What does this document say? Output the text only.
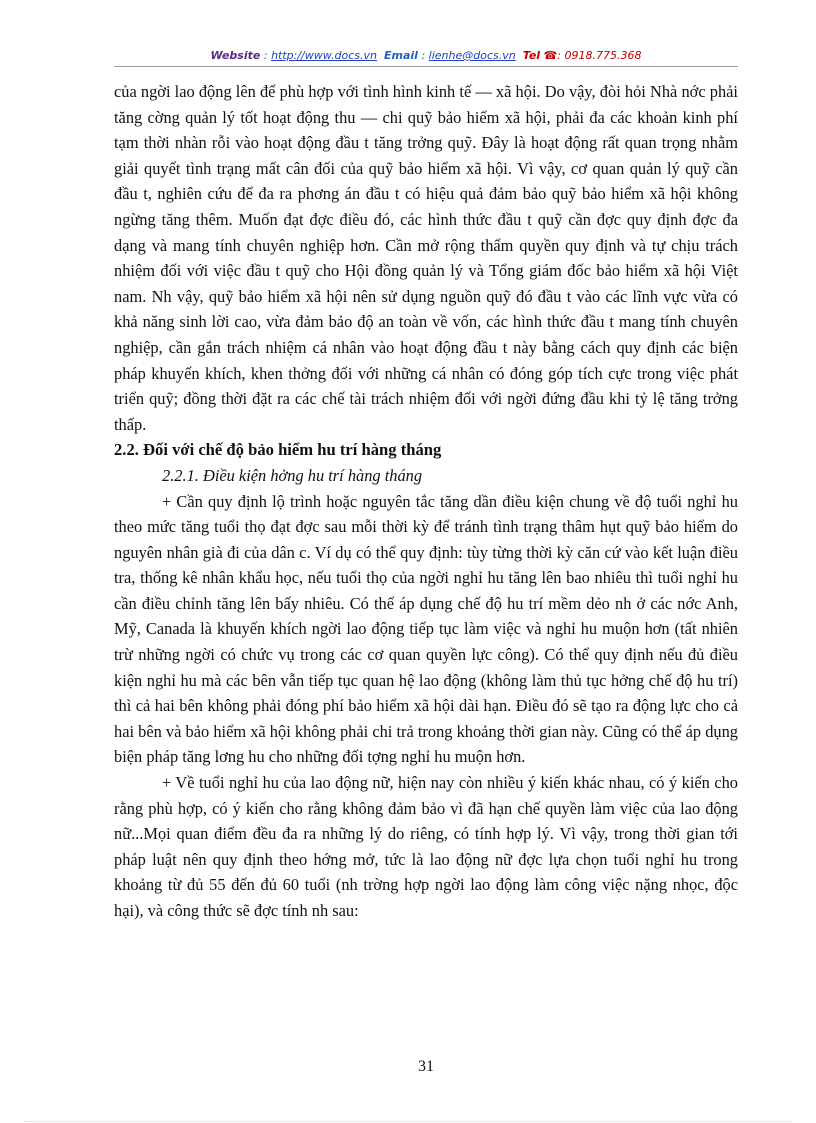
Website : http://www.docs.vn Email : lienhe@docs.vn Tel ☎: 0918.775.368

của ngời lao động lên để phù hợp với tình hình kinh tế — xã hội. Do vậy, đòi hỏi Nhà nớc phải tăng cờng quản lý tốt hoạt động thu — chi quỹ bảo hiểm xã hội, phải đa các khoản kinh phí tạm thời nhàn rỗi vào hoạt động đầu t tăng trởng quỹ. Đây là hoạt động rất quan trọng nhằm giải quyết tình trạng mất cân đối của quỹ bảo hiểm xã hội. Vì vậy, cơ quan quản lý quỹ cần đầu t, nghiên cứu để đa ra phơng án đầu t có hiệu quả đảm bảo quỹ bảo hiểm xã hội không ngừng tăng thêm. Muốn đạt đợc điều đó, các hình thức đầu t quỹ cần đợc quy định đợc đa dạng và mang tính chuyên nghiệp hơn. Cần mở rộng thẩm quyền quy định và tự chịu trách nhiệm đối với việc đầu t quỹ cho Hội đồng quản lý và Tổng giám đốc bảo hiểm xã hội Việt nam. Nh vậy, quỹ bảo hiểm xã hội nên sử dụng nguồn quỹ đó đầu t vào các lĩnh vực vừa có khả năng sinh lời cao, vừa đảm bảo độ an toàn về vốn, các hình thức đầu t mang tính chuyên nghiệp, cần gắn trách nhiệm cá nhân vào hoạt động đầu t này bằng cách quy định các biện pháp khuyến khích, khen thởng đối với những cá nhân có đóng góp tích cực trong việc phát triển quỹ; đồng thời đặt ra các chế tài trách nhiệm đối với ngời đứng đầu khi tỷ lệ tăng trởng thấp.

2.2. Đối với chế độ bảo hiểm hu trí hàng tháng

2.2.1. Điều kiện hởng hu trí hàng tháng

+ Cần quy định lộ trình hoặc nguyên tắc tăng dần điều kiện chung về độ tuổi nghỉ hu theo mức tăng tuổi thọ đạt đợc sau mỗi thời kỳ để tránh tình trạng thâm hụt quỹ bảo hiểm do nguyên nhân già đi của dân c. Ví dụ có thể quy định: tùy từng thời kỳ căn cứ vào kết luận điều tra, thống kê nhân khẩu học, nếu tuổi thọ của ngời nghỉ hu tăng lên bao nhiêu thì tuổi nghỉ hu cần điều chỉnh tăng lên bấy nhiêu. Có thể áp dụng chế độ hu trí mềm dẻo nh ở các nớc Anh, Mỹ, Canada là khuyến khích ngời lao động tiếp tục làm việc và nghỉ hu muộn hơn (tất nhiên trừ những ngời có chức vụ trong các cơ quan quyền lực công). Có thể quy định nếu đủ điều kiện nghỉ hu mà các bên vẫn tiếp tục quan hệ lao động (không làm thủ tục hởng chế độ hu trí) thì cả hai bên không phải đóng phí bảo hiểm xã hội dài hạn. Điều đó sẽ tạo ra động lực cho cả hai bên và bảo hiểm xã hội không phải chi trả trong khoảng thời gian này. Cũng có thể áp dụng biện pháp tăng lơng hu cho những đối tợng nghỉ hu muộn hơn.

+ Về tuổi nghỉ hu của lao động nữ, hiện nay còn nhiều ý kiến khác nhau, có ý kiến cho rằng phù hợp, có ý kiến cho rằng không đảm bảo vì đã hạn chế quyền làm việc của lao động nữ...Mọi quan điểm đều đa ra những lý do riêng, có tính hợp lý. Vì vậy, trong thời gian tới pháp luật nên quy định theo hớng mở, tức là lao động nữ đợc lựa chọn tuổi nghỉ hu trong khoảng từ đủ 55 đến đủ 60 tuổi (nh trờng hợp ngời lao động làm công việc nặng nhọc, độc hại), và công thức sẽ đợc tính nh sau:

31
